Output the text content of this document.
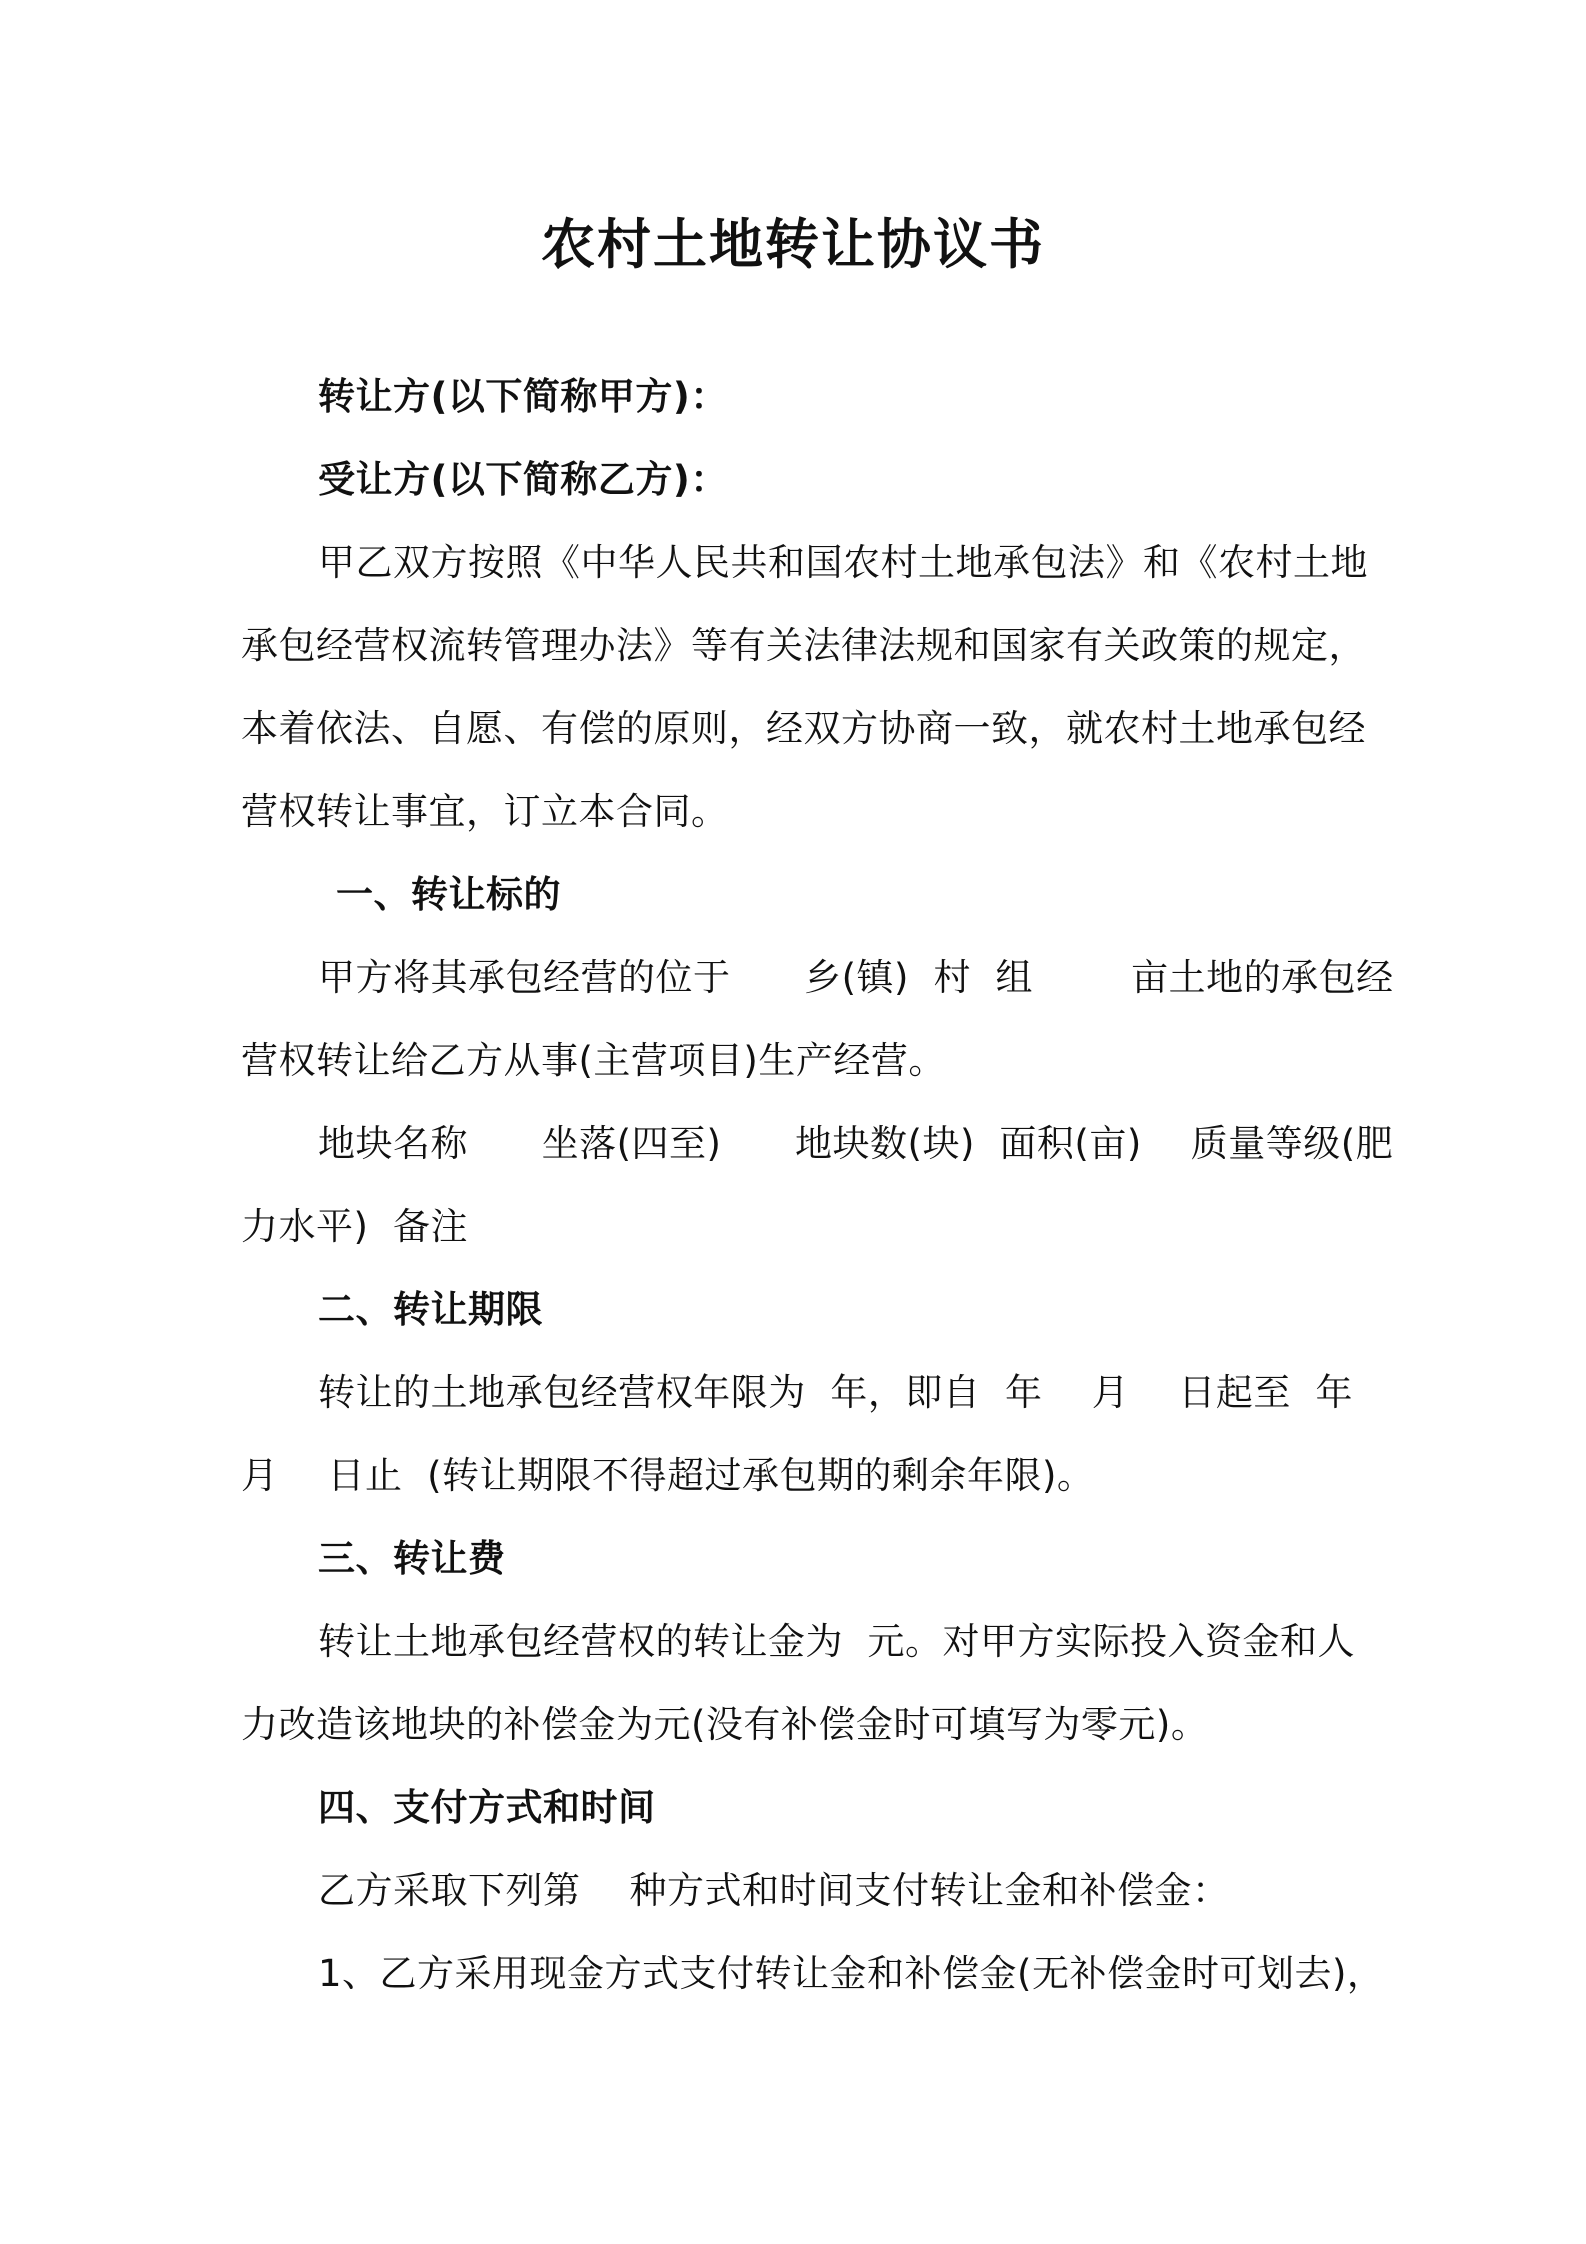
农村土地转让协议书
转让方(以下简称甲方)：
受让方(以下简称乙方)：
甲乙双方按照《中华人民共和国农村土地承包法》和《农村土地
承包经营权流转管理办法》等有关法律法规和国家有关政策的规定，
本着依法、自愿、有偿的原则，经双方协商一致，就农村土地承包经
营权转让事宜，订立本合同。
一、转让标的
甲方将其承包经营的位于      乡(镇)  村  组        亩土地的承包经
营权转让给乙方从事(主营项目)生产经营。
地块名称      坐落(四至)      地块数(块)  面积(亩)    质量等级(肥
力水平)  备注
二、转让期限
转让的土地承包经营权年限为  年，即自  年    月    日起至  年
月    日止  (转让期限不得超过承包期的剩余年限)。
三、转让费
转让土地承包经营权的转让金为  元。对甲方实际投入资金和人
力改造该地块的补偿金为元(没有补偿金时可填写为零元)。
四、支付方式和时间
乙方采取下列第    种方式和时间支付转让金和补偿金：
1、乙方采用现金方式支付转让金和补偿金(无补偿金时可划去)，
